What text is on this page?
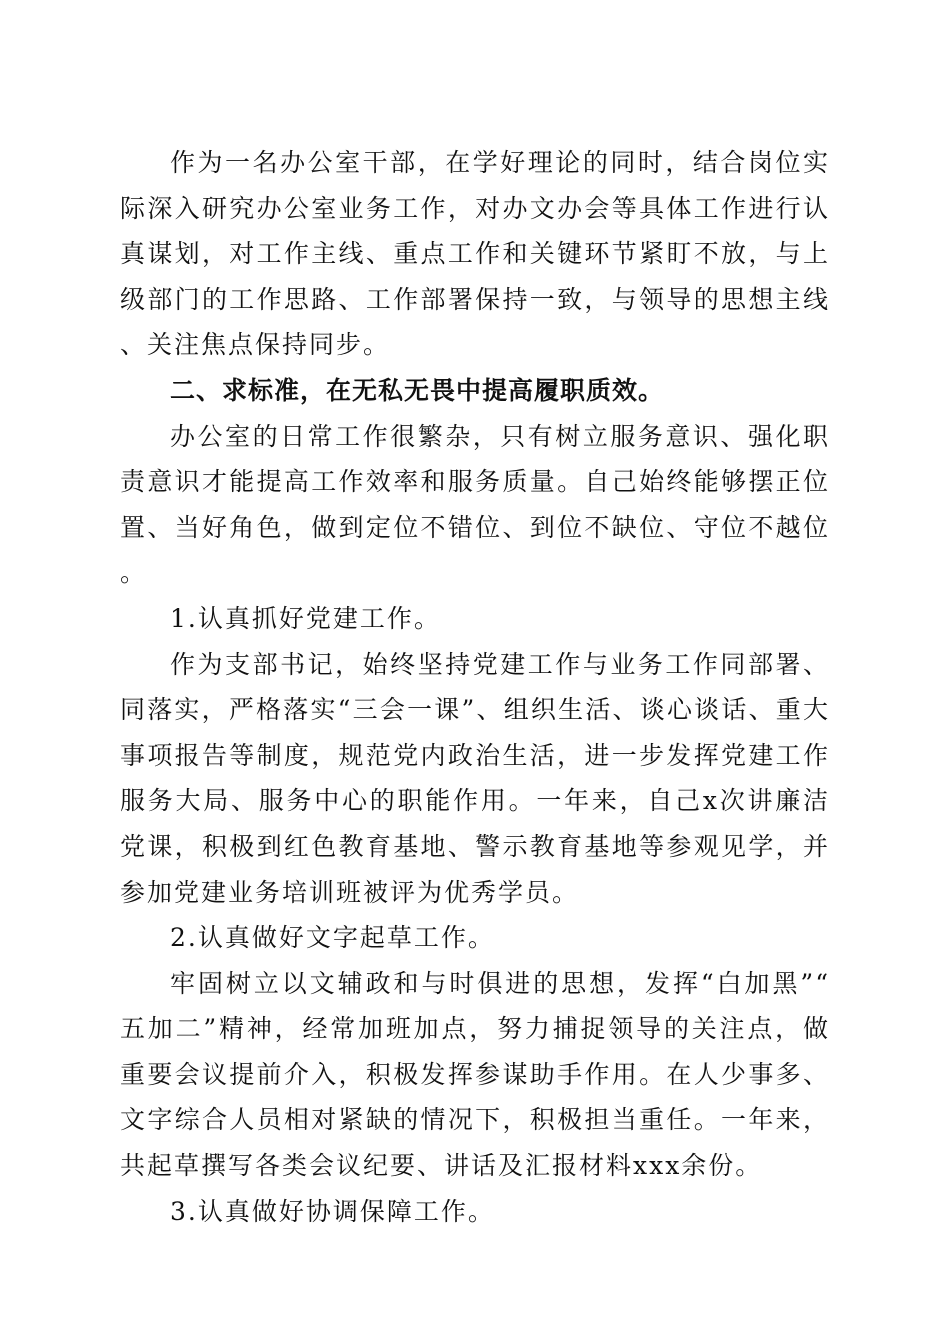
作为一名办公室干部，在学好理论的同时，结合岗位实际深入研究办公室业务工作，对办文办会等具体工作进行认真谋划，对工作主线、重点工作和关键环节紧盯不放，与上级部门的工作思路、工作部署保持一致，与领导的思想主线、关注焦点保持同步。

二、求标准，在无私无畏中提高履职质效。

办公室的日常工作很繁杂，只有树立服务意识、强化职责意识才能提高工作效率和服务质量。自己始终能够摆正位置、当好角色，做到定位不错位、到位不缺位、守位不越位。

1.认真抓好党建工作。

作为支部书记，始终坚持党建工作与业务工作同部署、同落实，严格落实“三会一课”、组织生活、谈心谈话、重大事项报告等制度，规范党内政治生活，进一步发挥党建工作服务大局、服务中心的职能作用。一年来，自己x次讲廉洁党课，积极到红色教育基地、警示教育基地等参观见学，并参加党建业务培训班被评为优秀学员。

2.认真做好文字起草工作。

牢固树立以文辅政和与时俱进的思想，发挥“白加黑”“五加二”精神，经常加班加点，努力捕捉领导的关注点，做重要会议提前介入，积极发挥参谋助手作用。在人少事多、文字综合人员相对紧缺的情况下，积极担当重任。一年来，共起草撰写各类会议纪要、讲话及汇报材料xxx余份。

3.认真做好协调保障工作。
